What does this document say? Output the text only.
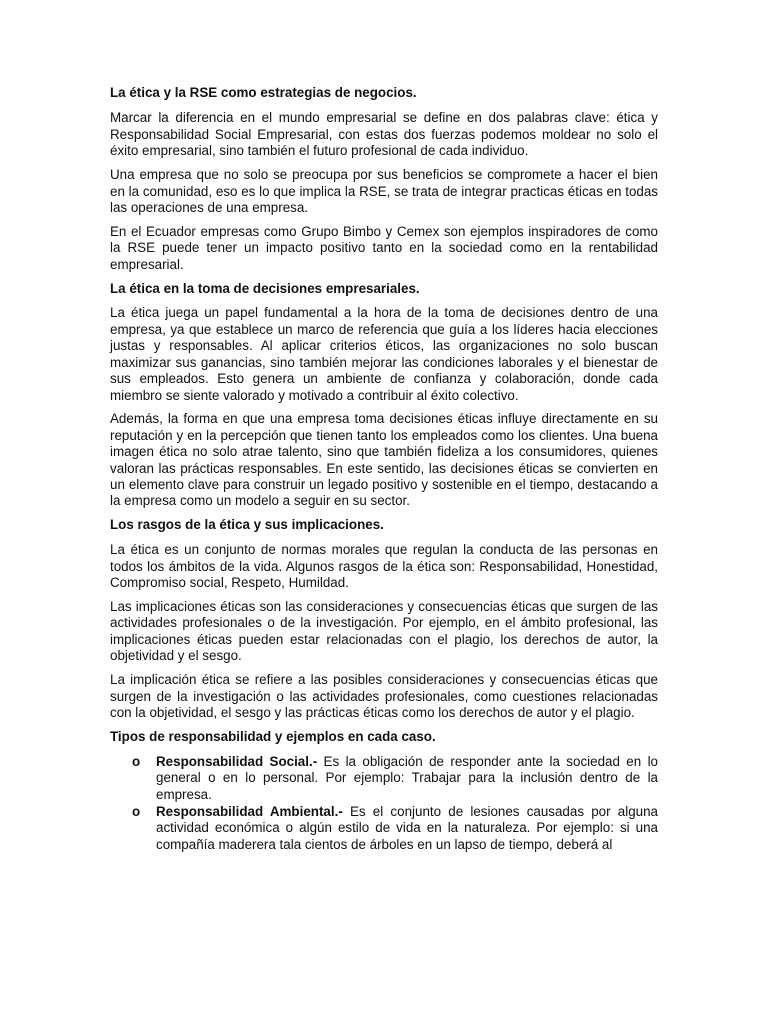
La ética y la RSE como estrategias de negocios.

Marcar la diferencia en el mundo empresarial se define en dos palabras clave: ética y Responsabilidad Social Empresarial, con estas dos fuerzas podemos moldear no solo el éxito empresarial, sino también el futuro profesional de cada individuo.

Una empresa que no solo se preocupa por sus beneficios se compromete a hacer el bien en la comunidad, eso es lo que implica la RSE, se trata de integrar practicas éticas en todas las operaciones de una empresa.

En el Ecuador empresas como Grupo Bimbo y Cemex son ejemplos inspiradores de como la RSE puede tener un impacto positivo tanto en la sociedad como en la rentabilidad empresarial.

La ética en la toma de decisiones empresariales.

La ética juega un papel fundamental a la hora de la toma de decisiones dentro de una empresa, ya que establece un marco de referencia que guía a los líderes hacia elecciones justas y responsables. Al aplicar criterios éticos, las organizaciones no solo buscan maximizar sus ganancias, sino también mejorar las condiciones laborales y el bienestar de sus empleados. Esto genera un ambiente de confianza y colaboración, donde cada miembro se siente valorado y motivado a contribuir al éxito colectivo.

Además, la forma en que una empresa toma decisiones éticas influye directamente en su reputación y en la percepción que tienen tanto los empleados como los clientes. Una buena imagen ética no solo atrae talento, sino que también fideliza a los consumidores, quienes valoran las prácticas responsables. En este sentido, las decisiones éticas se convierten en un elemento clave para construir un legado positivo y sostenible en el tiempo, destacando a la empresa como un modelo a seguir en su sector.

Los rasgos de la ética y sus implicaciones.

La ética es un conjunto de normas morales que regulan la conducta de las personas en todos los ámbitos de la vida. Algunos rasgos de la ética son: Responsabilidad, Honestidad, Compromiso social, Respeto, Humildad.

Las implicaciones éticas son las consideraciones y consecuencias éticas que surgen de las actividades profesionales o de la investigación. Por ejemplo, en el ámbito profesional, las implicaciones éticas pueden estar relacionadas con el plagio, los derechos de autor, la objetividad y el sesgo.

La implicación ética se refiere a las posibles consideraciones y consecuencias éticas que surgen de la investigación o las actividades profesionales, como cuestiones relacionadas con la objetividad, el sesgo y las prácticas éticas como los derechos de autor y el plagio.

Tipos de responsabilidad y ejemplos en cada caso.
o Responsabilidad Social.- Es la obligación de responder ante la sociedad en lo general o en lo personal. Por ejemplo: Trabajar para la inclusión dentro de la empresa.
o Responsabilidad Ambiental.- Es el conjunto de lesiones causadas por alguna actividad económica o algún estilo de vida en la naturaleza. Por ejemplo: si una compañía maderera tala cientos de árboles en un lapso de tiempo, deberá al
